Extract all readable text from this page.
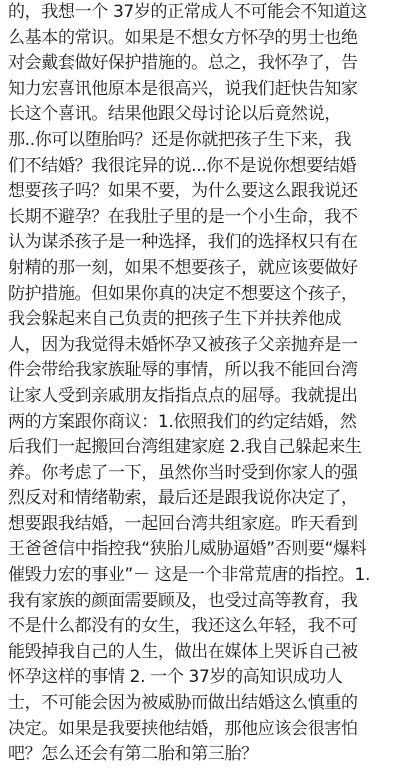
的，我想一个 37岁的正常成人不可能会不知道这
么基本的常识。如果是不想女方怀孕的男士也绝
对会戴套做好保护措施的。总之，我怀孕了，告
知力宏喜讯他原本是很高兴，说我们赶快告知家
长这个喜讯。结果他跟父母讨论以后竟然说，
那..你可以堕胎吗？还是你就把孩子生下来，我
们不结婚？我很诧异的说...你不是说你想要结婚
想要孩子吗？如果不要，为什么要这么跟我说还
长期不避孕？在我肚子里的是一个小生命，我不
认为谋杀孩子是一种选择，我们的选择权只有在
射精的那一刻，如果不想要孩子，就应该要做好
防护措施。但如果你真的决定不想要这个孩子，
我会躲起来自己负责的把孩子生下并扶养他成
人，因为我觉得未婚怀孕又被孩子父亲抛弃是一
件会带给我家族耻辱的事情，所以我不能回台湾
让家人受到亲戚朋友指指点点的屈辱。我就提出
两的方案跟你商议：1.依照我们的约定结婚，然
后我们一起搬回台湾组建家庭 2.我自己躲起来生
养。你考虑了一下，虽然你当时受到你家人的强
烈反对和情绪勒索，最后还是跟我说你决定了，
想要跟我结婚，一起回台湾共组家庭。昨天看到
王爸爸信中指控我“狭胎儿威胁逼婚”否则要“爆料
催毁力宏的事业”－ 这是一个非常荒唐的指控。1.
我有家族的颜面需要顾及，也受过高等教育，我
不是什么都没有的女生，我还这么年轻，我不可
能毁掉我自己的人生，做出在媒体上哭诉自己被
怀孕这样的事情 2. 一个 37岁的高知识成功人
士，不可能会因为被威胁而做出结婚这么慎重的
决定。如果是我要挟他结婚，那他应该会很害怕
吧？怎么还会有第二胎和第三胎？
